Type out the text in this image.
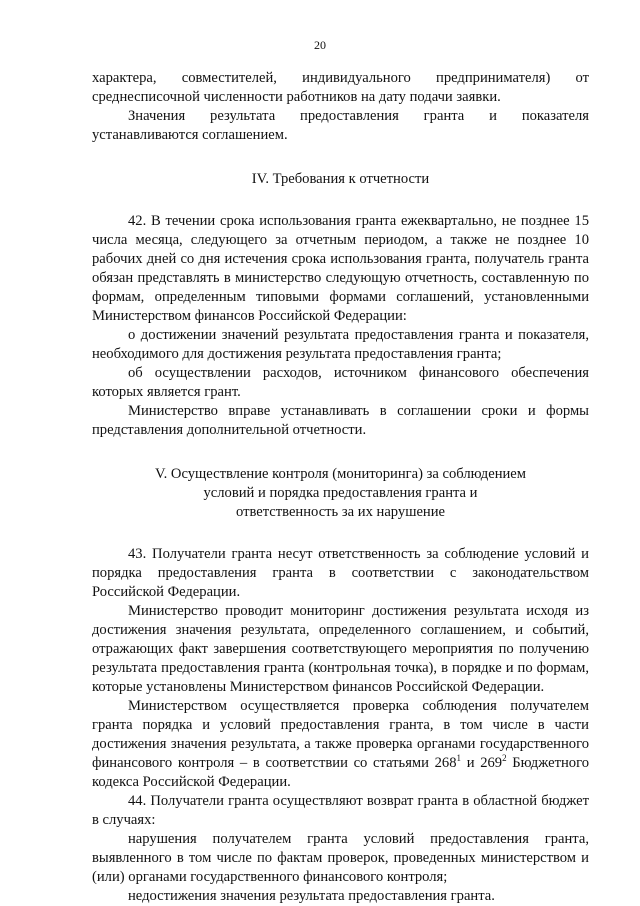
20

характера, совместителей, индивидуального предпринимателя) от среднесписочной численности работников на дату подачи заявки.

Значения результата предоставления гранта и показателя устанавливаются соглашением.

IV. Требования к отчетности

42. В течении срока использования гранта ежеквартально, не позднее 15 числа месяца, следующего за отчетным периодом, а также не позднее 10 рабочих дней со дня истечения срока использования гранта, получатель гранта обязан представлять в министерство следующую отчетность, составленную по формам, определенным типовыми формами соглашений, установленными Министерством финансов Российской Федерации:

о достижении значений результата предоставления гранта и показателя, необходимого для достижения результата предоставления гранта;

об осуществлении расходов, источником финансового обеспечения которых является грант.

Министерство вправе устанавливать в соглашении сроки и формы представления дополнительной отчетности.

V. Осуществление контроля (мониторинга) за соблюдением
условий и порядка предоставления гранта и
ответственность за их нарушение

43. Получатели гранта несут ответственность за соблюдение условий и порядка предоставления гранта в соответствии с законодательством Российской Федерации.

Министерство проводит мониторинг достижения результата исходя из достижения значения результата, определенного соглашением, и событий, отражающих факт завершения соответствующего мероприятия по получению результата предоставления гранта (контрольная точка), в порядке и по формам, которые установлены Министерством финансов Российской Федерации.

Министерством осуществляется проверка соблюдения получателем гранта порядка и условий предоставления гранта, в том числе в части достижения значения результата, а также проверка органами государственного финансового контроля – в соответствии со статьями $268^1$ и $269^2$ Бюджетного кодекса Российской Федерации.

44. Получатели гранта осуществляют возврат гранта в областной бюджет в случаях:

нарушения получателем гранта условий предоставления гранта, выявленного в том числе по фактам проверок, проведенных министерством и (или) органами государственного финансового контроля;

недостижения значения результата предоставления гранта.
